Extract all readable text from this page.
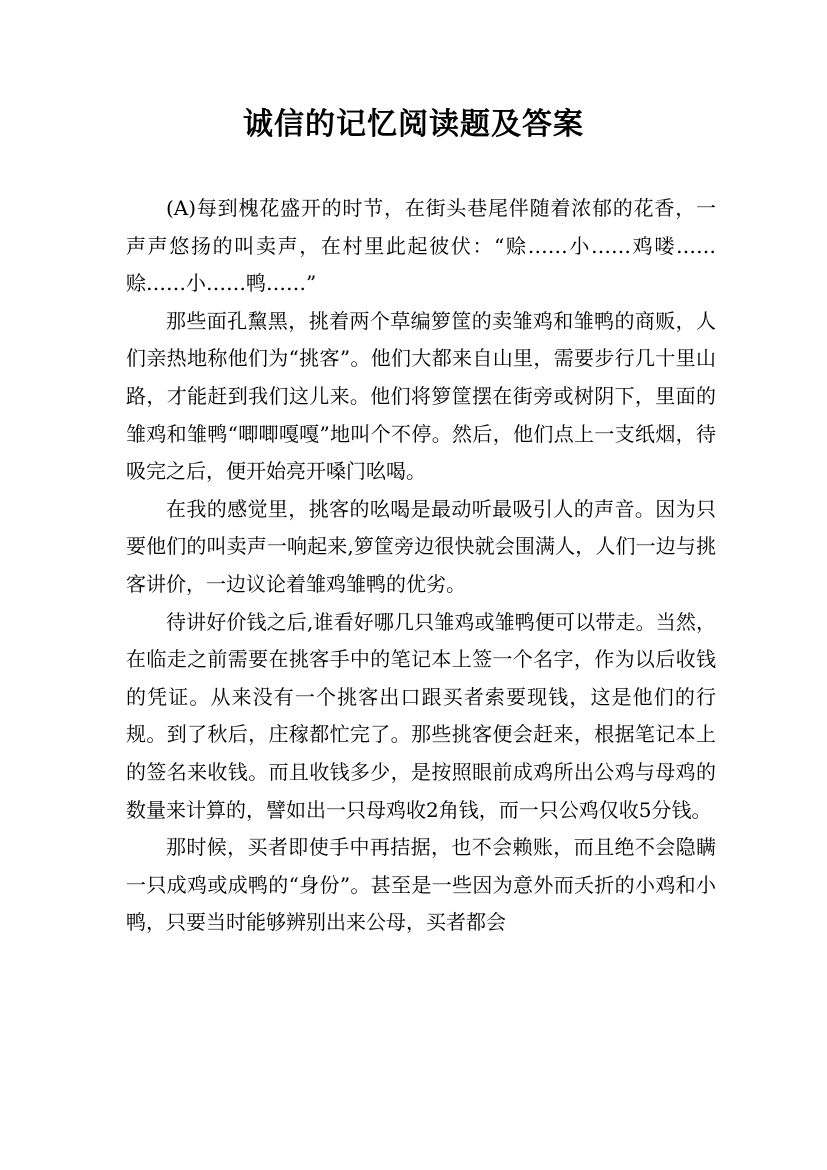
诚信的记忆阅读题及答案

(A)每到槐花盛开的时节，在街头巷尾伴随着浓郁的花香，一声声悠扬的叫卖声，在村里此起彼伏：“赊……小……鸡喽……赊……小……鸭……”

那些面孔黧黑，挑着两个草编箩筐的卖雏鸡和雏鸭的商贩，人们亲热地称他们为“挑客”。他们大都来自山里，需要步行几十里山路，才能赶到我们这儿来。他们将箩筐摆在街旁或树阴下，里面的雏鸡和雏鸭“唧唧嘎嘎”地叫个不停。然后，他们点上一支纸烟，待吸完之后，便开始亮开嗓门吆喝。

在我的感觉里，挑客的吆喝是最动听最吸引人的声音。因为只要他们的叫卖声一响起来,箩筐旁边很快就会围满人，人们一边与挑客讲价，一边议论着雏鸡雏鸭的优劣。

待讲好价钱之后,谁看好哪几只雏鸡或雏鸭便可以带走。当然，在临走之前需要在挑客手中的笔记本上签一个名字，作为以后收钱的凭证。从来没有一个挑客出口跟买者索要现钱，这是他们的行规。到了秋后，庄稼都忙完了。那些挑客便会赶来，根据笔记本上的签名来收钱。而且收钱多少，是按照眼前成鸡所出公鸡与母鸡的数量来计算的，譬如出一只母鸡收2角钱，而一只公鸡仅收5分钱。

那时候，买者即使手中再拮据，也不会赖账，而且绝不会隐瞒一只成鸡或成鸭的“身份”。甚至是一些因为意外而夭折的小鸡和小鸭，只要当时能够辨别出来公母，买者都会
